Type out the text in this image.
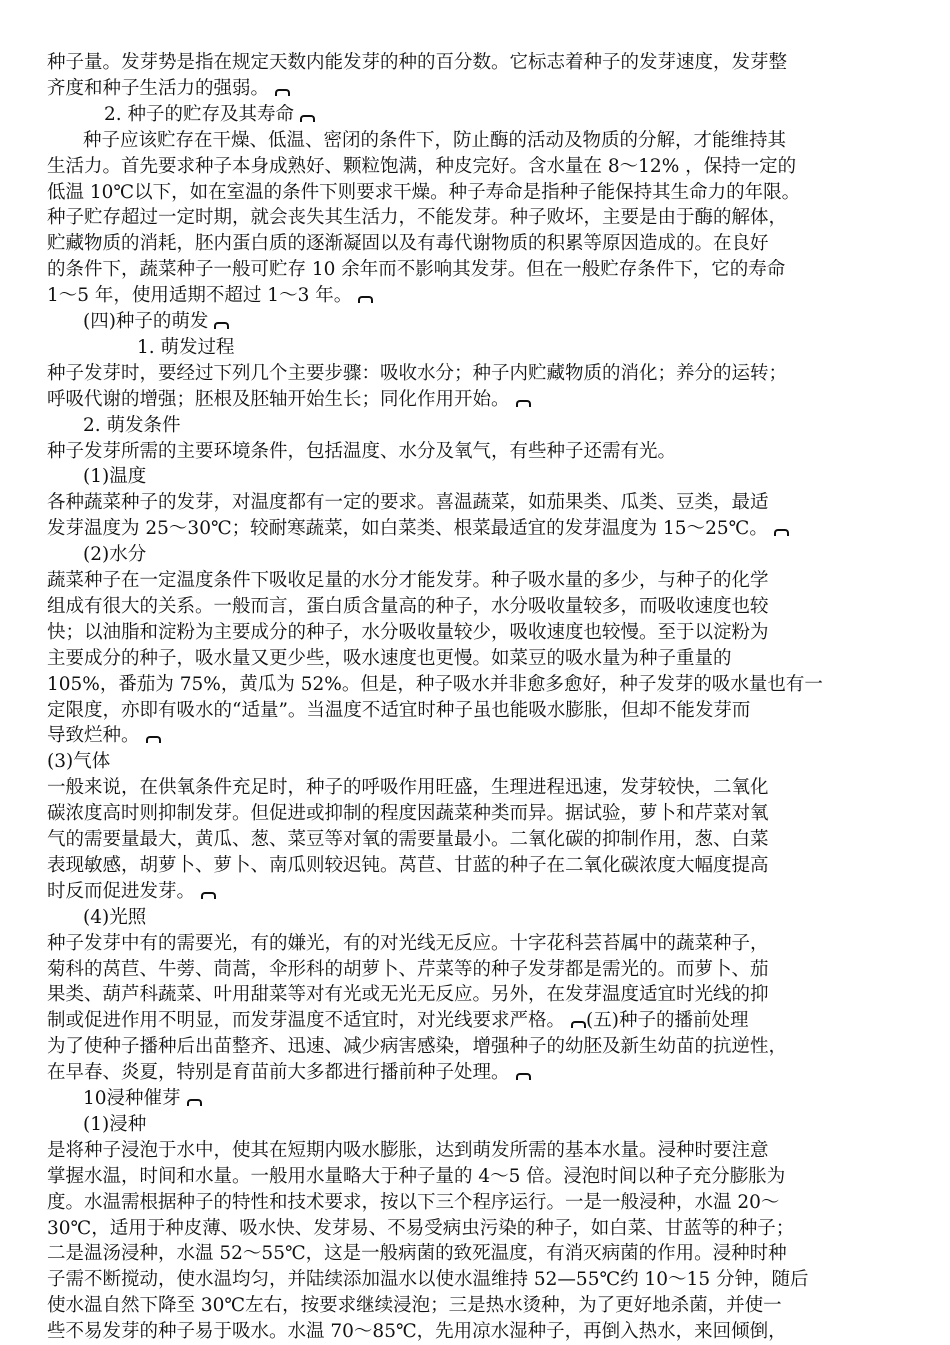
种子量。发芽势是指在规定天数内能发芽的种的百分数。它标志着种子的发芽速度，发芽整
齐度和种子生活力的强弱。
2. 种子的贮存及其寿命
种子应该贮存在干燥、低温、密闭的条件下，防止酶的活动及物质的分解，才能维持其
生活力。首先要求种子本身成熟好、颗粒饱满，种皮完好。含水量在 8～12% ，保持一定的
低温 10℃以下，如在室温的条件下则要求干燥。种子寿命是指种子能保持其生命力的年限。
种子贮存超过一定时期，就会丧失其生活力，不能发芽。种子败坏，主要是由于酶的解体，
贮藏物质的消耗，胚内蛋白质的逐渐凝固以及有毒代谢物质的积累等原因造成的。在良好
的条件下，蔬菜种子一般可贮存 10 余年而不影响其发芽。但在一般贮存条件下，它的寿命
1～5 年，使用适期不超过 1～3 年。
(四)种子的萌发
1. 萌发过程
种子发芽时，要经过下列几个主要步骤：吸收水分；种子内贮藏物质的消化；养分的运转；
呼吸代谢的增强；胚根及胚轴开始生长；同化作用开始。
2. 萌发条件
种子发芽所需的主要环境条件，包括温度、水分及氧气，有些种子还需有光。
(1)温度
各种蔬菜种子的发芽，对温度都有一定的要求。喜温蔬菜，如茄果类、瓜类、豆类，最适
发芽温度为 25～30℃；较耐寒蔬菜，如白菜类、根菜最适宜的发芽温度为 15～25℃。
(2)水分
蔬菜种子在一定温度条件下吸收足量的水分才能发芽。种子吸水量的多少，与种子的化学
组成有很大的关系。一般而言，蛋白质含量高的种子，水分吸收量较多，而吸收速度也较
快；以油脂和淀粉为主要成分的种子，水分吸收量较少，吸收速度也较慢。至于以淀粉为
主要成分的种子，吸水量又更少些，吸水速度也更慢。如菜豆的吸水量为种子重量的
105%，番茄为 75%，黄瓜为 52%。但是，种子吸水并非愈多愈好，种子发芽的吸水量也有一
定限度，亦即有吸水的“适量”。当温度不适宜时种子虽也能吸水膨胀，但却不能发芽而
导致烂种。
(3)气体
一般来说，在供氧条件充足时，种子的呼吸作用旺盛，生理进程迅速，发芽较快，二氧化
碳浓度高时则抑制发芽。但促进或抑制的程度因蔬菜种类而异。据试验，萝卜和芹菜对氧
气的需要量最大，黄瓜、葱、菜豆等对氧的需要量最小。二氧化碳的抑制作用，葱、白菜
表现敏感，胡萝卜、萝卜、南瓜则较迟钝。莴苣、甘蓝的种子在二氧化碳浓度大幅度提高
时反而促进发芽。
(4)光照
种子发芽中有的需要光，有的嫌光，有的对光线无反应。十字花科芸苔属中的蔬菜种子，
菊科的莴苣、牛蒡、茼蒿，伞形科的胡萝卜、芹菜等的种子发芽都是需光的。而萝卜、茄
果类、葫芦科蔬菜、叶用甜菜等对有光或无光无反应。另外，在发芽温度适宜时光线的抑
制或促进作用不明显，而发芽温度不适宜时，对光线要求严格。 (五)种子的播前处理
为了使种子播种后出苗整齐、迅速、减少病害感染，增强种子的幼胚及新生幼苗的抗逆性，
在早春、炎夏，特别是育苗前大多都进行播前种子处理。
10浸种催芽
(1)浸种
是将种子浸泡于水中，使其在短期内吸水膨胀，达到萌发所需的基本水量。浸种时要注意
掌握水温，时间和水量。一般用水量略大于种子量的 4～5 倍。浸泡时间以种子充分膨胀为
度。水温需根据种子的特性和技术要求，按以下三个程序运行。一是一般浸种，水温 20～
30℃，适用于种皮薄、吸水快、发芽易、不易受病虫污染的种子，如白菜、甘蓝等的种子；
二是温汤浸种，水温 52～55℃，这是一般病菌的致死温度，有消灭病菌的作用。浸种时种
子需不断搅动，使水温均匀，并陆续添加温水以使水温维持 52—55℃约 10～15 分钟，随后
使水温自然下降至 30℃左右，按要求继续浸泡；三是热水烫种，为了更好地杀菌，并使一
些不易发芽的种子易于吸水。水温 70～85℃，先用凉水湿种子，再倒入热水，来回倾倒，
